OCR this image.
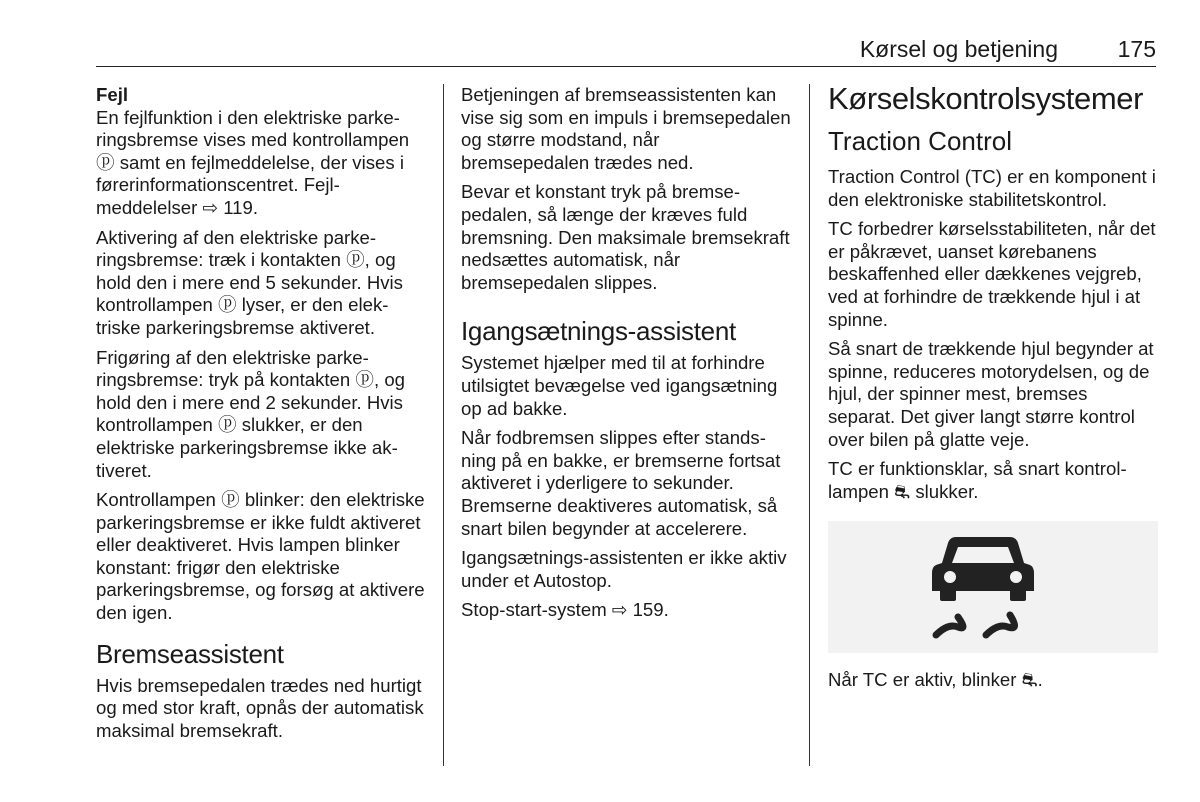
Kørsel og betjening	175

Fejl

En fejlfunktion i den elektriske parkeringsbremse vises med kontrollampen ⓟ samt en fejlmeddelelse, der vises i førerinformationscentret. Fejlmeddelelser ⇨ 119.

Aktivering af den elektriske parkeringsbremse: træk i kontakten ⓟ, og hold den i mere end 5 sekunder. Hvis kontrollampen ⓟ lyser, er den elektriske parkeringsbremse aktiveret.

Frigøring af den elektriske parkeringsbremse: tryk på kontakten ⓟ, og hold den i mere end 2 sekunder. Hvis kontrollampen ⓟ slukker, er den elektriske parkeringsbremse ikke aktiveret.

Kontrollampen ⓟ blinker: den elektriske parkeringsbremse er ikke fuldt aktiveret eller deaktiveret. Hvis lampen blinker konstant: frigør den elektriske parkeringsbremse, og forsøg at aktivere den igen.

Bremseassistent

Hvis bremsepedalen trædes ned hurtigt og med stor kraft, opnås der automatisk maksimal bremsekraft.

Betjeningen af bremseassistenten kan vise sig som en impuls i bremsepedalen og større modstand, når bremsepedalen trædes ned.

Bevar et konstant tryk på bremsepedalen, så længe der kræves fuld bremsning. Den maksimale bremsekraft nedsættes automatisk, når bremsepedalen slippes.

Igangsætnings-assistent

Systemet hjælper med til at forhindre utilsigtet bevægelse ved igangsætning op ad bakke.

Når fodbremsen slippes efter standsning på en bakke, er bremserne fortsat aktiveret i yderligere to sekunder. Bremserne deaktiveres automatisk, så snart bilen begynder at accelerere.

Igangsætnings-assistenten er ikke aktiv under et Autostop.

Stop-start-system ⇨ 159.

Kørselskontrolsystemer
Traction Control

Traction Control (TC) er en komponent i den elektroniske stabilitetskontrol.

TC forbedrer kørselsstabiliteten, når det er påkrævet, uanset kørebanens beskaffenhed eller dækkenes vejgreb, ved at forhindre de trækkende hjul i at spinne.

Så snart de trækkende hjul begynder at spinne, reduceres motorydelsen, og de hjul, der spinner mest, bremses separat. Det giver langt større kontrol over bilen på glatte veje.

TC er funktionsklar, så snart kontrollampen ⛐ slukker.

Når TC er aktiv, blinker ⛐.
